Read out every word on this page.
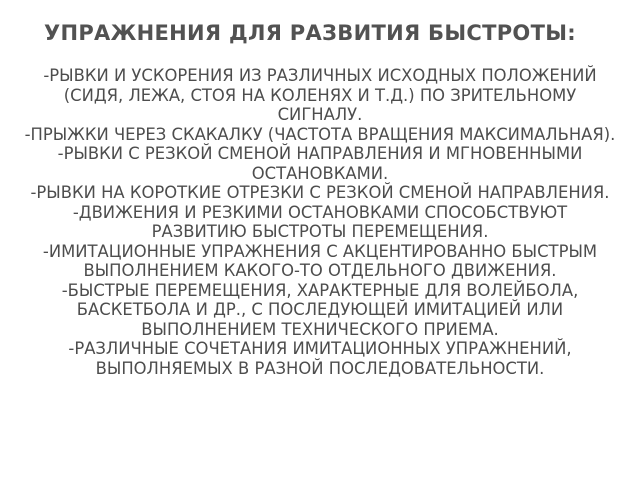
УПРАЖНЕНИЯ ДЛЯ РАЗВИТИЯ БЫСТРОТЫ:
-РЫВКИ И УСКОРЕНИЯ ИЗ РАЗЛИЧНЫХ ИСХОДНЫХ ПОЛОЖЕНИЙ (СИДЯ, ЛЕЖА, СТОЯ НА КОЛЕНЯХ И Т.Д.) ПО ЗРИТЕЛЬНОМУ СИГНАЛУ.
-ПРЫЖКИ ЧЕРЕЗ СКАКАЛКУ (ЧАСТОТА ВРАЩЕНИЯ МАКСИМАЛЬНАЯ).
-РЫВКИ С РЕЗКОЙ СМЕНОЙ НАПРАВЛЕНИЯ И МГНОВЕННЫМИ ОСТАНОВКАМИ.
-РЫВКИ НА КОРОТКИЕ ОТРЕЗКИ С РЕЗКОЙ СМЕНОЙ НАПРАВЛЕНИЯ.
-ДВИЖЕНИЯ И РЕЗКИМИ ОСТАНОВКАМИ СПОСОБСТВУЮТ РАЗВИТИЮ БЫСТРОТЫ ПЕРЕМЕЩЕНИЯ.
-ИМИТАЦИОННЫЕ УПРАЖНЕНИЯ С АКЦЕНТИРОВАННО БЫСТРЫМ ВЫПОЛНЕНИЕМ КАКОГО-ТО ОТДЕЛЬНОГО ДВИЖЕНИЯ.
-БЫСТРЫЕ ПЕРЕМЕЩЕНИЯ, ХАРАКТЕРНЫЕ ДЛЯ ВОЛЕЙБОЛА, БАСКЕТБОЛА И ДР., С ПОСЛЕДУЮЩЕЙ ИМИТАЦИЕЙ ИЛИ ВЫПОЛНЕНИЕМ ТЕХНИЧЕСКОГО ПРИЕМА.
-РАЗЛИЧНЫЕ СОЧЕТАНИЯ ИМИТАЦИОННЫХ УПРАЖНЕНИЙ, ВЫПОЛНЯЕМЫХ В РАЗНОЙ ПОСЛЕДОВАТЕЛЬНОСТИ.
